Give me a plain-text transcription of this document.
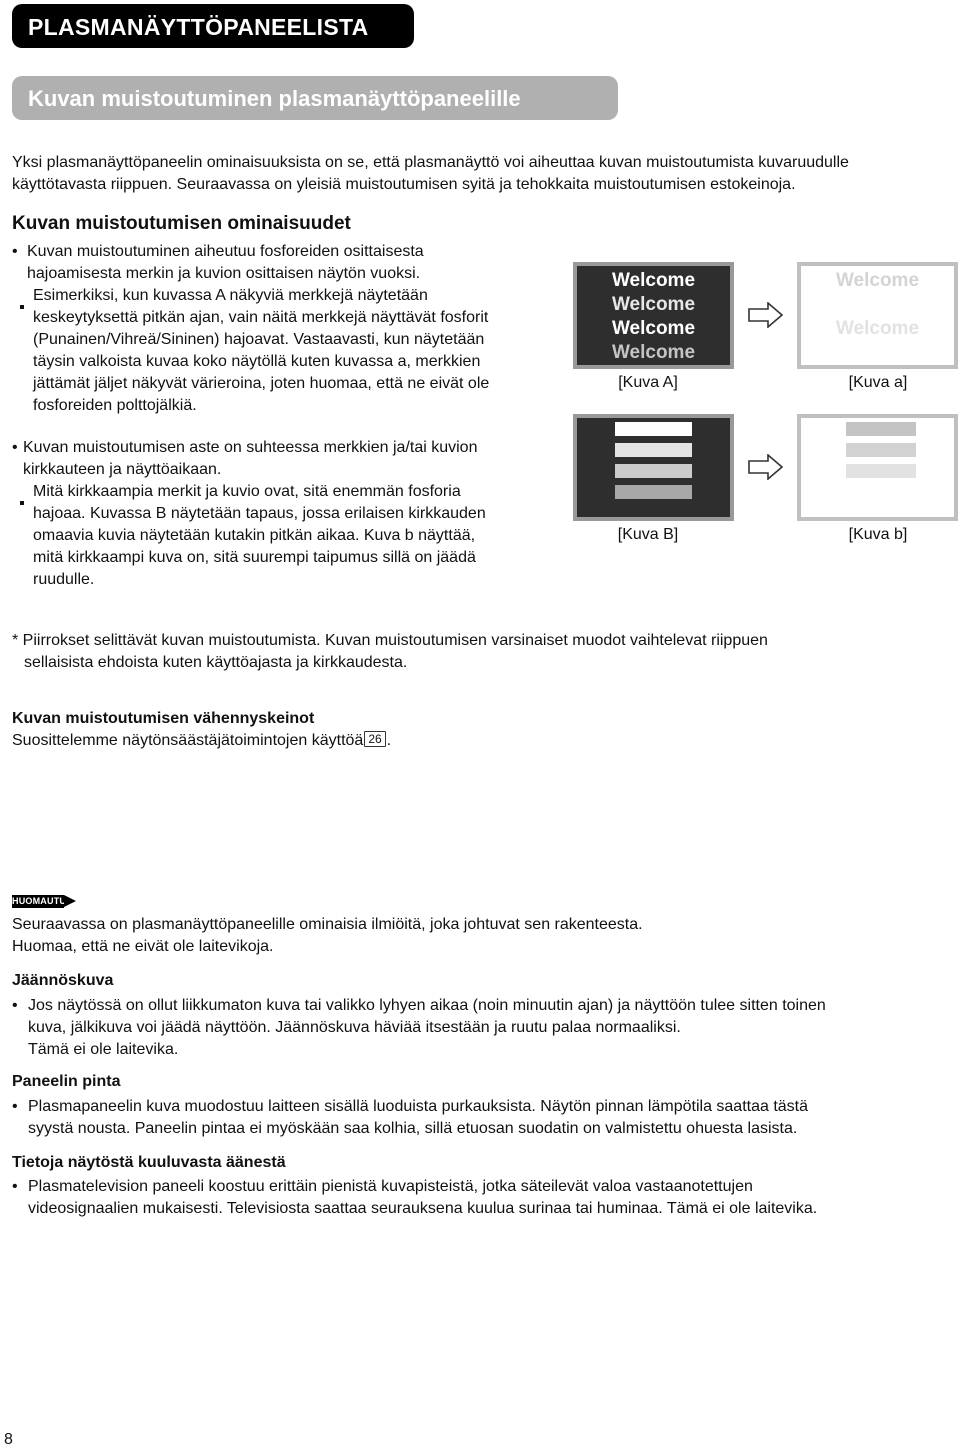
PLASMANÄYTTÖPANEELISTA
Kuvan muistoutuminen plasmanäyttöpaneelille
Yksi plasmanäyttöpaneelin ominaisuuksista on se, että plasmanäyttö voi aiheuttaa kuvan muistoutumista kuvaruudulle
käyttötavasta riippuen. Seuraavassa on yleisiä muistoutumisen syitä ja tehokkaita muistoutumisen estokeinoja.
Kuvan muistoutumisen ominaisuudet
• Kuvan muistoutuminen aiheutuu fosforeiden osittaisesta
hajoamisesta merkin ja kuvion osittaisen näytön vuoksi.
Esimerkiksi, kun kuvassa A näkyviä merkkejä näytetään
keskeytyksettä pitkän ajan, vain näitä merkkejä näyttävät fosforit
(Punainen/Vihreä/Sininen) hajoavat. Vastaavasti, kun näytetään
täysin valkoista kuvaa koko näytöllä kuten kuvassa a, merkkien
jättämät jäljet näkyvät värieroina, joten huomaa, että ne eivät ole
fosforeiden polttojälkiä.
• Kuvan muistoutumisen aste on suhteessa merkkien ja/tai kuvion
kirkkauteen ja näyttöaikaan.
Mitä kirkkaampia merkit ja kuvio ovat, sitä enemmän fosforia
hajoaa. Kuvassa B näytetään tapaus, jossa erilaisen kirkkauden
omaavia kuvia näytetään kutakin pitkän aikaa. Kuva b näyttää,
mitä kirkkaampi kuva on, sitä suurempi taipumus sillä on jäädä
ruudulle.
Welcome
Welcome
Welcome
Welcome
[Kuva A]
Welcome
Welcome
Welcome
Welcome
[Kuva a]
[Kuva B]	[Kuva b]
* Piirrokset selittävät kuvan muistoutumista. Kuvan muistoutumisen varsinaiset muodot vaihtelevat riippuen
sellaisista ehdoista kuten käyttöajasta ja kirkkaudesta.
Kuvan muistoutumisen vähennyskeinot
Suosittelemme näytönsäästäjätoimintojen käyttöä 26 .
HUOMAUTUS
Seuraavassa on plasmanäyttöpaneelille ominaisia ilmiöitä, joka johtuvat sen rakenteesta.
Huomaa, että ne eivät ole laitevikoja.
Jäännöskuva
• Jos näytössä on ollut liikkumaton kuva tai valikko lyhyen aikaa (noin minuutin ajan) ja näyttöön tulee sitten toinen
kuva, jälkikuva voi jäädä näyttöön. Jäännöskuva häviää itsestään ja ruutu palaa normaaliksi.
Tämä ei ole laitevika.
Paneelin pinta
• Plasmapaneelin kuva muodostuu laitteen sisällä luoduista purkauksista. Näytön pinnan lämpötila saattaa tästä
syystä nousta. Paneelin pintaa ei myöskään saa kolhia, sillä etuosan suodatin on valmistettu ohuesta lasista.
Tietoja näytöstä kuuluvasta äänestä
• Plasmatelevision paneeli koostuu erittäin pienistä kuvapisteistä, jotka säteilevät valoa vastaanotettujen
videosignaalien mukaisesti. Televisiosta saattaa seurauksena kuulua surinaa tai huminaa. Tämä ei ole laitevika.
8
